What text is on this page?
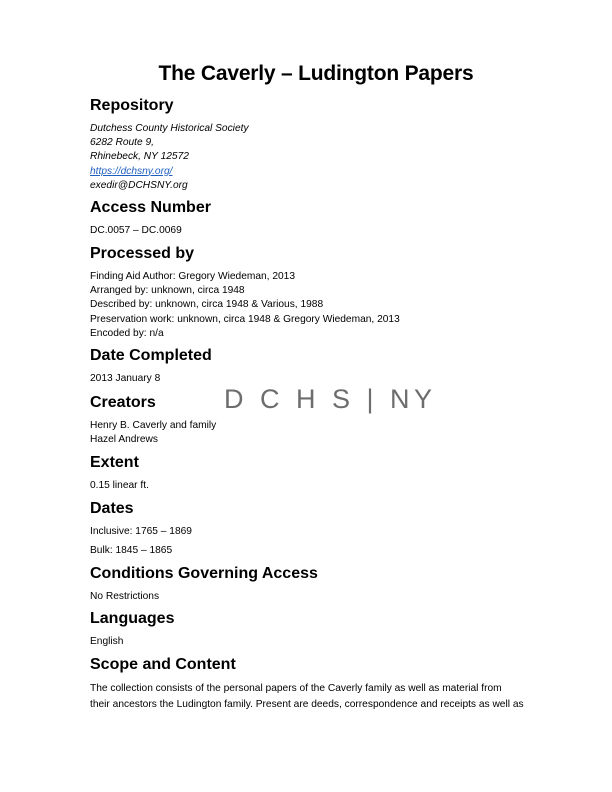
The Caverly – Ludington Papers
Repository
Dutchess County Historical Society
6282 Route 9,
Rhinebeck, NY 12572
https://dchsny.org/
exedir@DCHSNY.org
Access Number
DC.0057 – DC.0069
Processed by
Finding Aid Author: Gregory Wiedeman, 2013
Arranged by: unknown, circa 1948
Described by: unknown, circa 1948 & Various, 1988
Preservation work: unknown, circa 1948 & Gregory Wiedeman, 2013
Encoded by: n/a
Date Completed
2013 January 8
Creators
Henry B. Caverly and family
Hazel Andrews
Extent
0.15 linear ft.
Dates
Inclusive: 1765 – 1869
Bulk: 1845 – 1865
Conditions Governing Access
No Restrictions
Languages
English
Scope and Content
The collection consists of the personal papers of the Caverly family as well as material from
their ancestors the Ludington family. Present are deeds, correspondence and receipts as well as
D C H S | NY
